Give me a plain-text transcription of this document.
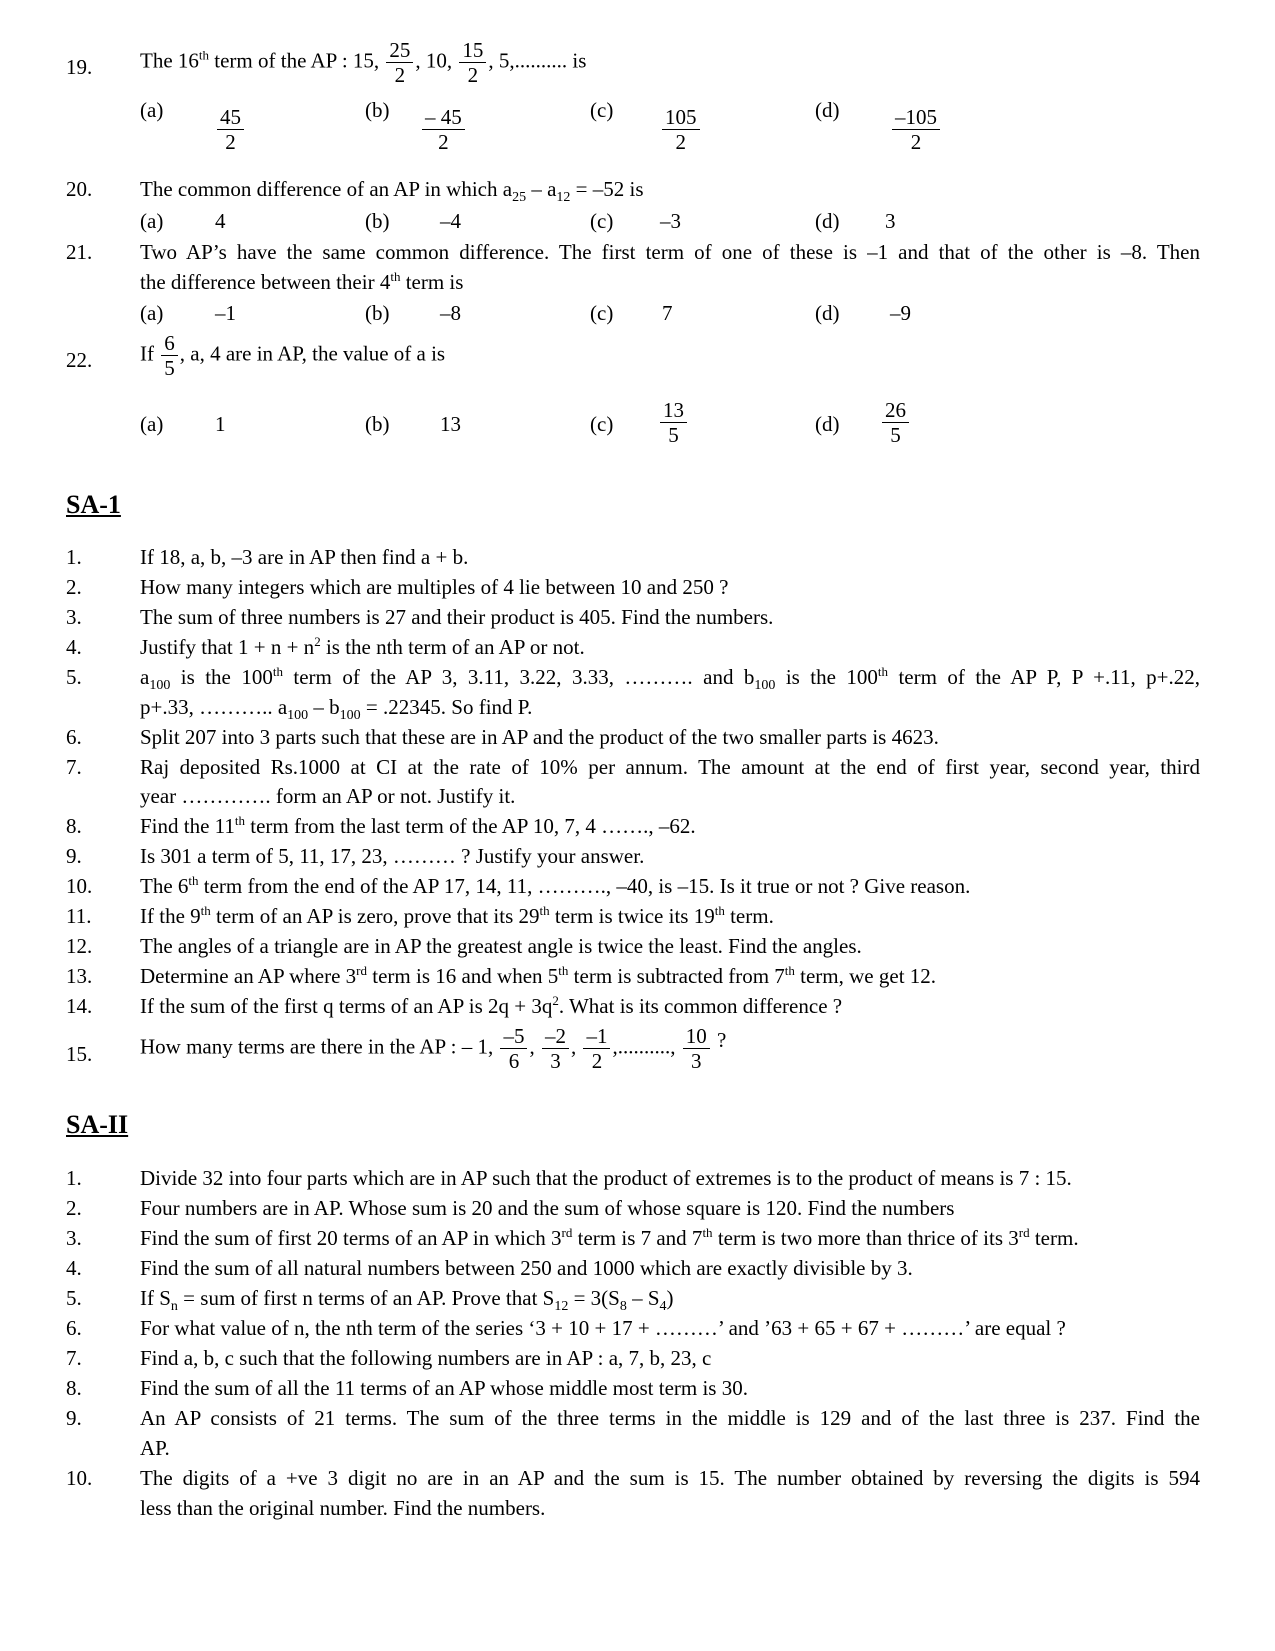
19. The 16th term of the AP : 15, $\frac{25}{2}$ , 10, $\frac{15}{2}$ , 5,.......... is
(a)	$\frac{45}{2}$	$(b) \frac{- 45}{2}$	$(c) \frac{105}{2}$	(d)	$\frac{-105}{2}$
20. The common difference of an AP in which $a_{25} - a_{12} = -52$ is
(a) 4	(b) –4	(c) –3	(d) 3
21. Two AP’s have the same common difference. The first term of one of these is –1 and that of the other is –8. Then
the difference between their 4th term is
(a) –1	(b) –8	(c) 7	(d) –9
22. If $\frac{6}{5}$ , a, 4 are in AP, the value of a is
(a) 1	(b) 13	$(c) \frac{13}{5}$	$(d) \frac{26}{5}$
SA-1
1.	If 18, a, b, –3 are in AP then find a + b.
2.	How many integers which are multiples of 4 lie between 10 and 250 ?
3.	The sum of three numbers is 27 and their product is 405. Find the numbers.
4.	Justify that $1 + n + n^2$ is the nth term of an AP or not.
5.	$a_{100}$ is the 100th term of the AP 3, 3.11, 3.22, 3.33, ………. and $b_{100}$ is the 100th term of the AP P, P +.11, p+.22,
p+.33, ……….. $a_{100} - b_{100} = .22345$. So find P.
6.	Split 207 into 3 parts such that these are in AP and the product of the two smaller parts is 4623.
7.	Raj deposited Rs.1000 at CI at the rate of 10% per annum. The amount at the end of first year, second year, third
year …………. form an AP or not. Justify it.
8.	Find the 11th term from the last term of the AP 10, 7, 4 ……., –62.
9.	Is 301 a term of 5, 11, 17, 23, ……… ? Justify your answer.
10. The 6th term from the end of the AP 17, 14, 11, ………., –40, is –15. Is it true or not ? Give reason.
11. If the 9th term of an AP is zero, prove that its 29th term is twice its 19th term.
12. The angles of a triangle are in AP the greatest angle is twice the least. Find the angles.
13. Determine an AP where 3rd term is 16 and when 5th term is subtracted from 7th term, we get 12.
14. If the sum of the first q terms of an AP is $2q + 3q^2$. What is its common difference ?
15. How many terms are there in the AP : – 1, $\frac{-5}{6}$ , $\frac{-2}{3}$ , $\frac{-1}{2}$ ,.........., $\frac{10}{3}$ ?
SA-II
1.	Divide 32 into four parts which are in AP such that the product of extremes is to the product of means is 7 : 15.
2.	Four numbers are in AP. Whose sum is 20 and the sum of whose square is 120. Find the numbers
3.	Find the sum of first 20 terms of an AP in which 3rd term is 7 and 7th term is two more than thrice of its 3rd term.
4.	Find the sum of all natural numbers between 250 and 1000 which are exactly divisible by 3.
5.	If $S_n$ = sum of first n terms of an AP. Prove that $S_{12} = 3(S_8 - S_4)$
6.	For what value of n, the nth term of the series ‘3 + 10 + 17 + ………’ and ’63 + 65 + 67 + ………’ are equal ?
7.	Find a, b, c such that the following numbers are in AP : a, 7, b, 23, c
8.	Find the sum of all the 11 terms of an AP whose middle most term is 30.
9.	An AP consists of 21 terms. The sum of the three terms in the middle is 129 and of the last three is 237. Find the
AP.
10. The digits of a +ve 3 digit no are in an AP and the sum is 15. The number obtained by reversing the digits is 594
less than the original number. Find the numbers.
